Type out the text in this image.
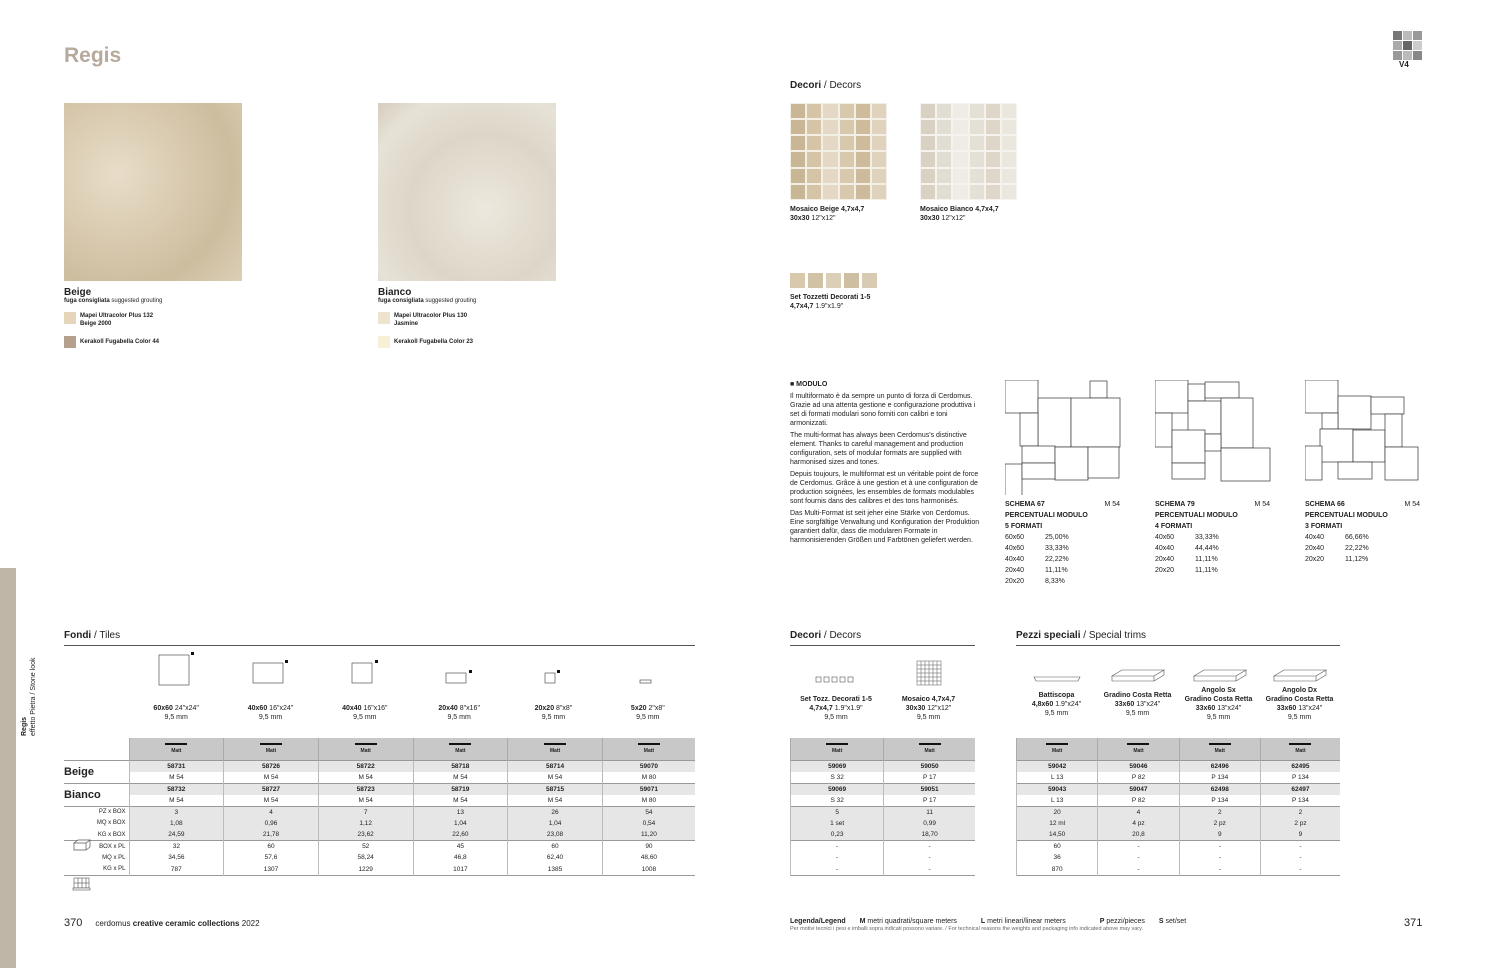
Regis	V4
Regis effetto Pietra / Stone look
Beige
fuga consigliata suggested grouting
Mapei Ultracolor Plus 132
Beige 2000
Kerakoll Fugabella Color 44
Bianco
fuga consigliata suggested grouting
Mapei Ultracolor Plus 130
Jasmine
Kerakoll Fugabella Color 23
Decori / Decors
Mosaico Beige 4,7x4,7
30x30 12"x12"
Mosaico Bianco 4,7x4,7
30x30 12"x12"
Set Tozzetti Decorati 1-5
4,7x4,7 1.9"x1.9"

■ MODULO

Il multiformato è da sempre un punto di forza di Cerdomus. Grazie ad una attenta gestione e configurazione produttiva i set di formati modulari sono forniti con calibri e toni armonizzati.

The multi-format has always been Cerdomus's distinctive element. Thanks to careful management and production configuration, sets of modular formats are supplied with harmonised sizes and tones.

Depuis toujours, le multiformat est un véritable point de force de Cerdomus. Grâce à une gestion et à une configuration de production soignées, les ensembles de formats modulables sont fournis dans des calibres et des tons harmonisés.

Das Multi-Format ist seit jeher eine Stärke von Cerdomus. Eine sorgfältige Verwaltung und Konfiguration der Produktion garantiert dafür, dass die modularen Formate in harmonisierenden Größen und Farbtönen geliefert werden.

SCHEMA 67	M 54
PERCENTUALI MODULO
5 FORMATI
60x60	25,00%
40x60	33,33%
40x40	22,22%
20x40	11,11%
20x20	8,33%
SCHEMA 79	M 54
PERCENTUALI MODULO
4 FORMATI
40x60	33,33%
40x40	44,44%
20x40	11,11%
20x20	11,11%
SCHEMA 66	M 54
PERCENTUALI MODULO
3 FORMATI
40x40	66,66%
20x40	22,22%
20x20	11,12%
Fondi / Tiles
60x60 24"x24"
9,5 mm

40x60 16"x24"
9,5 mm

40x40 16"x16"
9,5 mm

20x40 8"x16"
9,5 mm

20x20 8"x8"
9,5 mm

5x20 2"x8"
9,5 mm

	Matt	Matt	Matt	Matt	Matt	Matt

Beige	58731	58726	58722	58718	58714	59070
	M 54	M 54	M 54	M 54	M 54	M 80
Bianco	58732	58727	58723	58719	58715	59071
	M 54	M 54	M 54	M 54	M 54	M 80
PZ x BOX	3	4	7	13	26	54
MQ x BOX	1,08	0,96	1,12	1,04	1,04	0,54
KG x BOX	24,59	21,78	23,62	22,60	23,08	11,20
BOX x PL	32	60	52	45	60	90
MQ x PL	34,56	57,6	58,24	46,8	62,40	48,60
KG x PL	787	1307	1229	1017	1385	1008
Decori / Decors
Set Tozz. Decorati 1-5
4,7x4,7 1.9"x1.9"
9,5 mm

Mosaico 4,7x4,7
30x30 12"x12"
9,5 mm
Matt	Matt

59069	59050
S 32	P 17
59069	59051
S 32	P 17
5	11
1 set	0,99
0,23	18,70
-	-
-	-
-	-
Pezzi speciali / Special trims
Battiscopa
4,8x60 1.9"x24"
9,5 mm

Gradino Costa Retta
33x60 13"x24"
9,5 mm

Angolo Sx
Gradino Costa Retta
33x60 13"x24"
9,5 mm

Angolo Dx
Gradino Costa Retta
33x60 13"x24"
9,5 mm
Matt	Matt	Matt	Matt

59042	59046	62496	62495
L 13	P 82	P 134	P 134
59043	59047	62498	62497
L 13	P 82	P 134	P 134
20	4	2	2
12 ml	4 pz	2 pz	2 pz
14,50	20,8	9	9
60	-	-	-
36	-	-	-
870	-	-	-
370 cerdomus creative ceramic collections 2022	371
Legenda/Legend M metri quadrati/square meters	L metri lineari/linear meters	P pezzi/pieces S set/set
Per motivi tecnici i pesi e imballi sopra indicati possono variare. / For technical reasons the weights and packaging info indicated above may vary.
